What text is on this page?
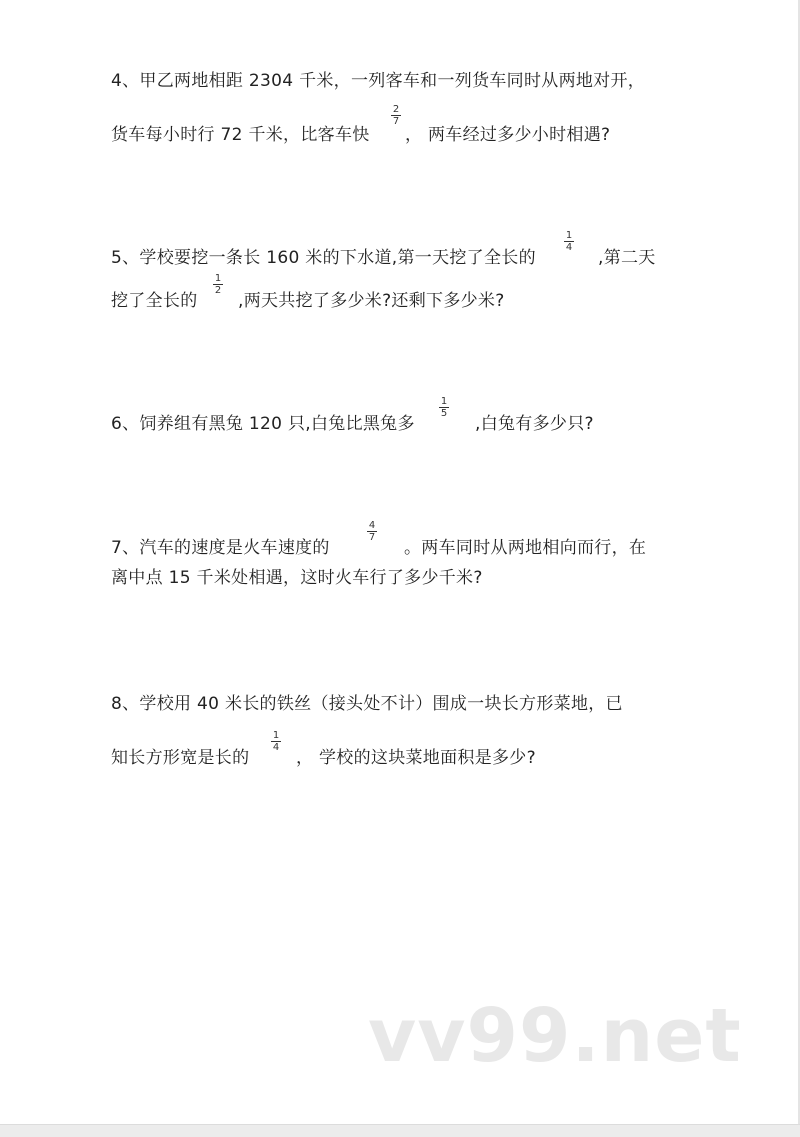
4、甲乙两地相距 2304 千米，一列客车和一列货车同时从两地对开，
货车每小时行 72 千米，比客车快
2
7
， 两车经过多少小时相遇?
5、学校要挖一条长 160 米的下水道,第一天挖了全长的
1
4
,第二天
挖了全长的
1
2
,两天共挖了多少米?还剩下多少米?
6、饲养组有黑兔 120 只,白兔比黑兔多
1
5
,白兔有多少只?
7、汽车的速度是火车速度的
4
7
。两车同时从两地相向而行，在
离中点 15 千米处相遇，这时火车行了多少千米?
8、学校用 40 米长的铁丝（接头处不计）围成一块长方形菜地，已
知长方形宽是长的
1
4
， 学校的这块菜地面积是多少?
vv99.net
